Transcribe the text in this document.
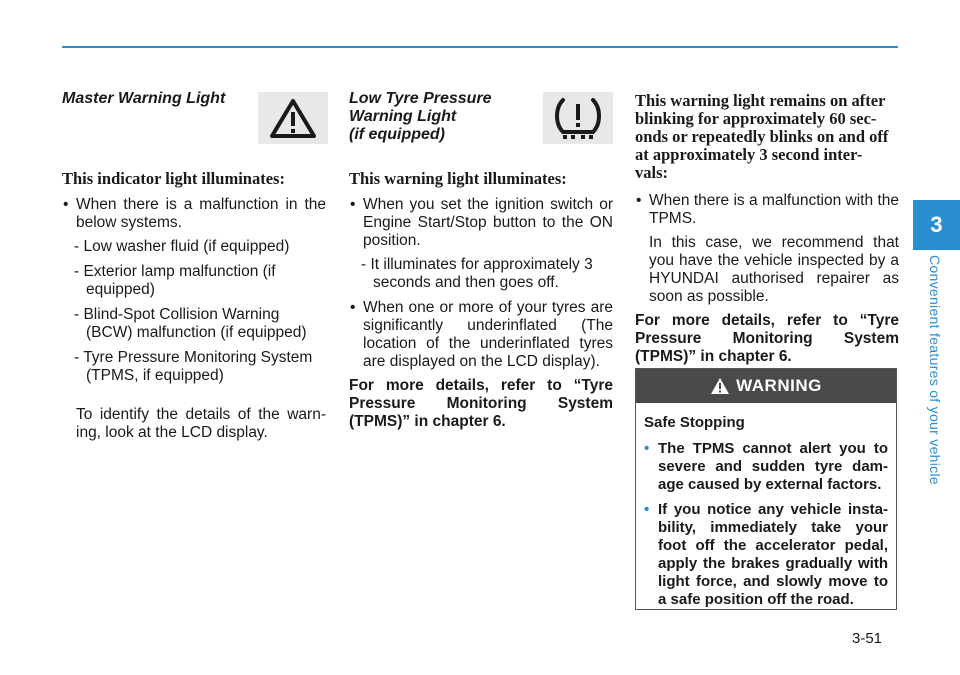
Master Warning Light

This indicator light illuminates:

• When there is a malfunction in the below systems.

- Low washer fluid (if equipped)

- Exterior lamp malfunction (if equipped)

- Blind-Spot Collision Warning (BCW) malfunction (if equipped)

- Tyre Pressure Monitoring System (TPMS, if equipped)

To identify the details of the warn- ing, look at the LCD display.

Low Tyre Pressure
Warning Light
(if equipped)

This warning light illuminates:

• When you set the ignition switch or Engine Start/Stop button to the ON position.

- It illuminates for approximately 3 seconds and then goes off.

• When one or more of your tyres are significantly underinflated (The location of the underinflated tyres are displayed on the LCD display).

For more details, refer to “Tyre Pressure Monitoring System (TPMS)” in chapter 6.

This warning light remains on after blinking for approximately 60 sec- onds or repeatedly blinks on and off at approximately 3 second inter- vals:

• When there is a malfunction with the TPMS.

In this case, we recommend that you have the vehicle inspected by a HYUNDAI authorised repairer as soon as possible.

For more details, refer to “Tyre Pressure Monitoring System (TPMS)” in chapter 6.

WARNING

Safe Stopping

• The TPMS cannot alert you to severe and sudden tyre dam- age caused by external factors.

• If you notice any vehicle insta- bility, immediately take your foot off the accelerator pedal, apply the brakes gradually with light force, and slowly move to a safe position off the road.

3
Convenient features of your vehicle
3-51
